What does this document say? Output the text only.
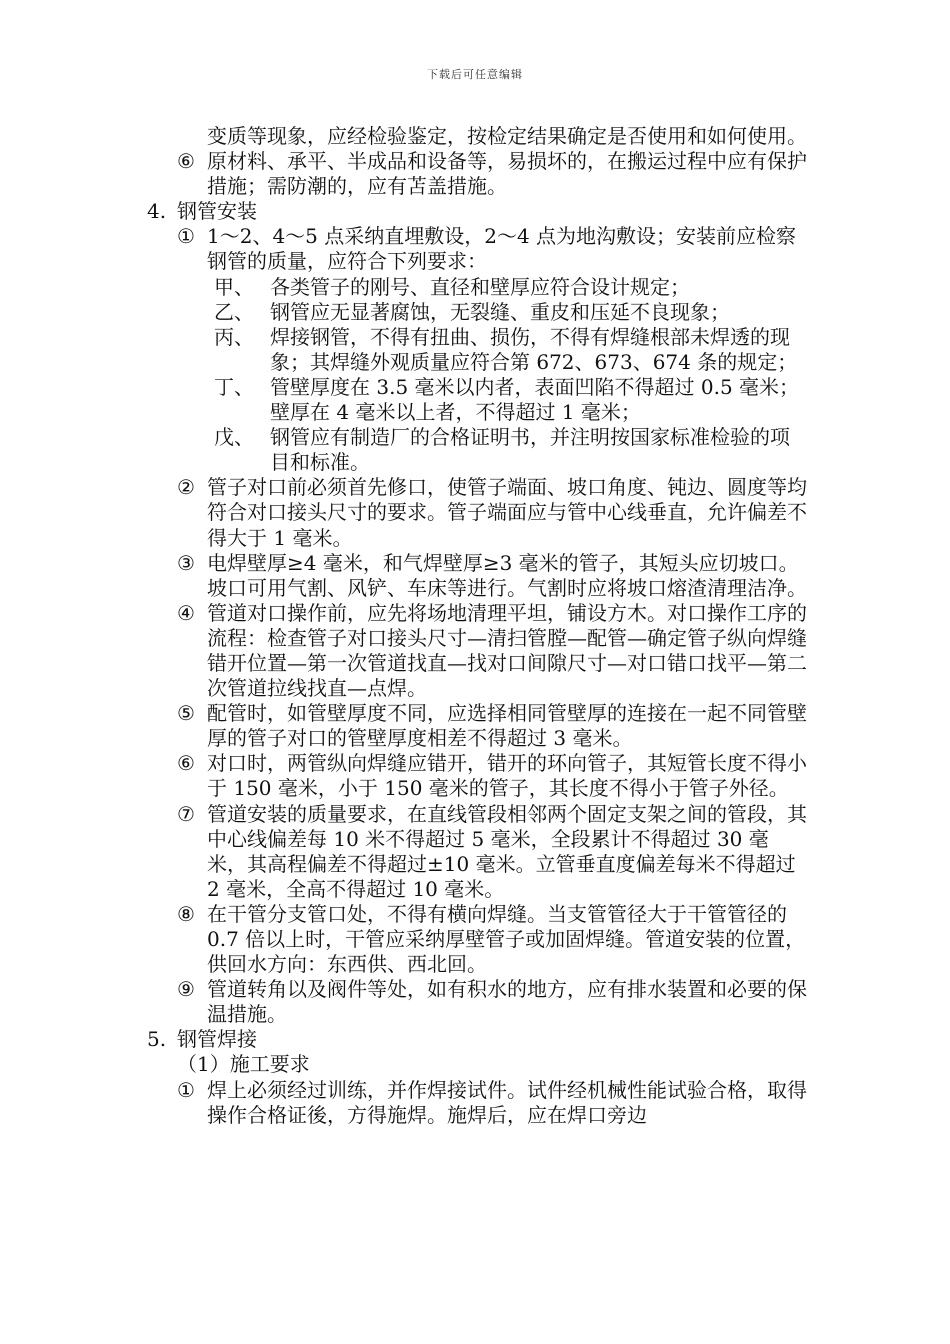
下载后可任意编辑
变质等现象，应经检验鉴定，按检定结果确定是否使用和如何使用。
⑥ 原材料、承平、半成品和设备等，易损坏的，在搬运过程中应有保护措施；需防潮的，应有苫盖措施。
4. 钢管安装
① 1～2、4～5 点采纳直埋敷设，2～4 点为地沟敷设；安装前应检察钢管的质量，应符合下列要求：
甲、 各类管子的刚号、直径和壁厚应符合设计规定；
乙、 钢管应无显著腐蚀，无裂缝、重皮和压延不良现象；
丙、 焊接钢管，不得有扭曲、损伤，不得有焊缝根部未焊透的现象；其焊缝外观质量应符合第 672、673、674 条的规定；
丁、 管壁厚度在 3.5 毫米以内者，表面凹陷不得超过 0.5 毫米；壁厚在 4 毫米以上者，不得超过 1 毫米；
戊、 钢管应有制造厂的合格证明书，并注明按国家标准检验的项目和标准。
② 管子对口前必须首先修口，使管子端面、坡口角度、钝边、圆度等均符合对口接头尺寸的要求。管子端面应与管中心线垂直，允许偏差不得大于 1 毫米。
③ 电焊壁厚≥4 毫米，和气焊壁厚≥3 毫米的管子，其短头应切坡口。坡口可用气割、风铲、车床等进行。气割时应将坡口熔渣清理洁净。
④ 管道对口操作前，应先将场地清理平坦，铺设方木。对口操作工序的流程：检查管子对口接头尺寸—清扫管膛—配管—确定管子纵向焊缝错开位置—第一次管道找直—找对口间隙尺寸—对口错口找平—第二次管道拉线找直—点焊。
⑤ 配管时，如管壁厚度不同，应选择相同管壁厚的连接在一起不同管壁厚的管子对口的管壁厚度相差不得超过 3 毫米。
⑥ 对口时，两管纵向焊缝应错开，错开的环向管子，其短管长度不得小于 150 毫米，小于 150 毫米的管子，其长度不得小于管子外径。
⑦ 管道安装的质量要求，在直线管段相邻两个固定支架之间的管段，其中心线偏差每 10 米不得超过 5 毫米，全段累计不得超过 30 毫米，其高程偏差不得超过±10 毫米。立管垂直度偏差每米不得超过 2 毫米，全高不得超过 10 毫米。
⑧ 在干管分支管口处，不得有横向焊缝。当支管管径大于干管管径的 0.7 倍以上时，干管应采纳厚壁管子或加固焊缝。管道安装的位置，供回水方向：东西供、西北回。
⑨ 管道转角以及阀件等处，如有积水的地方，应有排水装置和必要的保温措施。
5. 钢管焊接
（1）施工要求
① 焊上必须经过训练，并作焊接试件。试件经机械性能试验合格，取得操作合格证後，方得施焊。施焊后，应在焊口旁边
